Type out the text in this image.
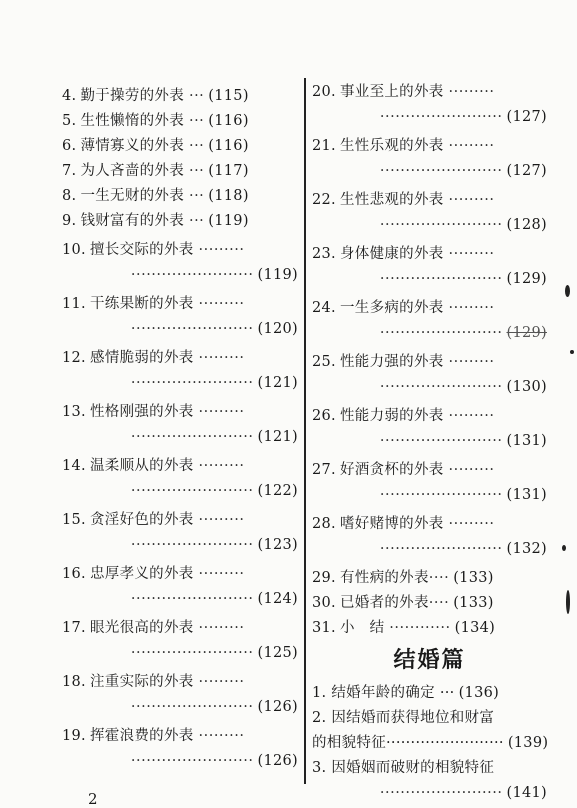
4. 勤于操劳的外表
··· (115)
5. 生性懒惰的外表
··· (116)
6. 薄情寡义的外表
··· (116)
7. 为人吝啬的外表
··· (117)
8. 一生无财的外表
··· (118)
9. 钱财富有的外表
··· (119)
10. 擅长交际的外表
·········
························ (119)
11. 干练果断的外表
·········
························ (120)
12. 感情脆弱的外表
·········
························ (121)
13. 性格刚强的外表
·········
························ (121)
14. 温柔顺从的外表
·········
························ (122)
15. 贪淫好色的外表
·········
························ (123)
16. 忠厚孝义的外表
·········
························ (124)
17. 眼光很高的外表
·········
························ (125)
18. 注重实际的外表
·········
························ (126)
19. 挥霍浪费的外表
·········
························ (126)
20. 事业至上的外表
·········
························ (127)
21. 生性乐观的外表
·········
························ (127)
22. 生性悲观的外表
·········
························ (128)
23. 身体健康的外表
·········
························ (129)
24. 一生多病的外表
·········
························ (129)
25. 性能力强的外表
·········
························ (130)
26. 性能力弱的外表
·········
························ (131)
27. 好酒贪杯的外表
·········
························ (131)
28. 嗜好赌博的外表
·········
························ (132)
29. 有性病的外表 ···· (133)
30. 已婚者的外表 ···· (133)
31. 小　结
············ (134)
结婚篇
1. 结婚年龄的确定 ··· (136)
2. 因结婚而获得地位和财富
的相貌特征························ (139)
3. 因婚姻而破财的相貌特征
························ (141)
2
